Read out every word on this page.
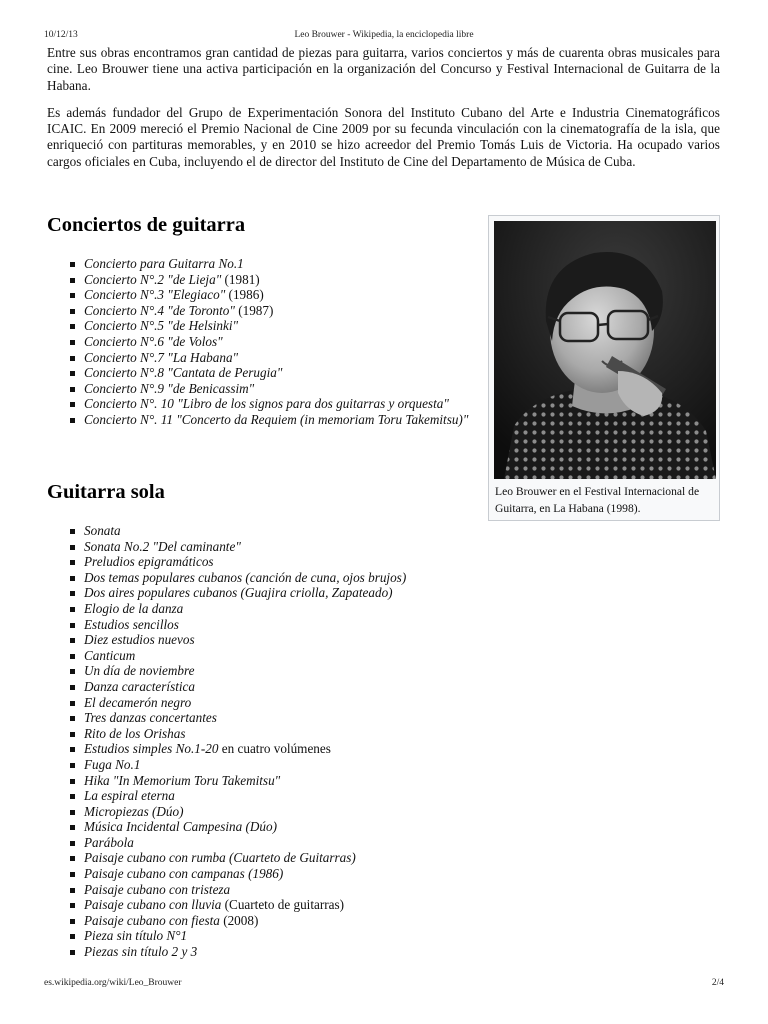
10/12/13	Leo Brouwer - Wikipedia, la enciclopedia libre

Entre sus obras encontramos gran cantidad de piezas para guitarra, varios conciertos y más de cuarenta obras musicales para cine. Leo Brouwer tiene una activa participación en la organización del Concurso y Festival Internacional de Guitarra de la Habana.

Es además fundador del Grupo de Experimentación Sonora del Instituto Cubano del Arte e Industria Cinematográficos ICAIC. En 2009 mereció el Premio Nacional de Cine 2009 por su fecunda vinculación con la cinematografía de la isla, que enriqueció con partituras memorables, y en 2010 se hizo acreedor del Premio Tomás Luis de Victoria. Ha ocupado varios cargos oficiales en Cuba, incluyendo el de director del Instituto de Cine del Departamento de Música de Cuba.

Conciertos de guitarra
Concierto para Guitarra No.1
Concierto N°.2 "de Lieja" (1981)
Concierto N°.3 "Elegiaco" (1986)
Concierto N°.4 "de Toronto" (1987)
Concierto N°.5 "de Helsinki"
Concierto N°.6 "de Volos"
Concierto N°.7 "La Habana"
Concierto N°.8 "Cantata de Perugia"
Concierto N°.9 "de Benicassim"
Concierto N°. 10 "Libro de los signos para dos guitarras y orquesta"
Concierto N°. 11 "Concerto da Requiem (in memoriam Toru Takemitsu)"
Guitarra sola
Sonata
Sonata No.2 "Del caminante"
Preludios epigramáticos
Dos temas populares cubanos (canción de cuna, ojos brujos)
Dos aires populares cubanos (Guajira criolla, Zapateado)
Elogio de la danza
Estudios sencillos
Diez estudios nuevos
Canticum
Un día de noviembre
Danza característica
El decamerón negro
Tres danzas concertantes
Rito de los Orishas
Estudios simples No.1-20 en cuatro volúmenes
Fuga No.1
Hika "In Memorium Toru Takemitsu"
La espiral eterna
Micropiezas (Dúo)
Música Incidental Campesina (Dúo)
Parábola
Paisaje cubano con rumba (Cuarteto de Guitarras)
Paisaje cubano con campanas (1986)
Paisaje cubano con tristeza
Paisaje cubano con lluvia (Cuarteto de guitarras)
Paisaje cubano con fiesta (2008)
Pieza sin título N°1
Piezas sin título 2 y 3
Leo Brouwer en el Festival Internacional de Guitarra, en La Habana (1998).
es.wikipedia.org/wiki/Leo_Brouwer	2/4
